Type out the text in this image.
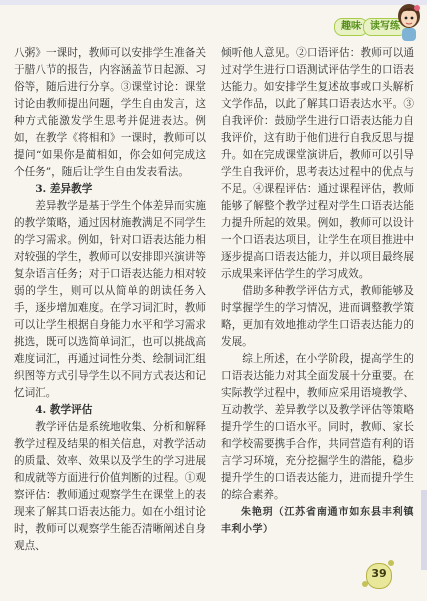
趣味 · 读写练

八粥》一课时，教师可以安排学生准备关于腊八节的报告，内容涵盖节日起源、习俗等，随后进行分享。③课堂讨论：课堂讨论由教师提出问题，学生自由发言，这种方式能激发学生思考并促进表达。例如，在教学《将相和》一课时，教师可以提问“如果你是蔺相如，你会如何完成这个任务”，随后让学生自由发表看法。

3. 差异教学

差异教学是基于学生个体差异而实施的教学策略，通过因材施教满足不同学生的学习需求。例如，针对口语表达能力相对较强的学生，教师可以安排即兴演讲等复杂语言任务；对于口语表达能力相对较弱的学生，则可以从简单的朗读任务入手，逐步增加难度。在学习词汇时，教师可以让学生根据自身能力水平和学习需求挑选，既可以选简单词汇，也可以挑战高难度词汇，再通过词性分类、绘制词汇组织图等方式引导学生以不同方式表达和记忆词汇。

4. 教学评估

教学评估是系统地收集、分析和解释教学过程及结果的相关信息，对教学活动的质量、效率、效果以及学生的学习进展和成就等方面进行价值判断的过程。①观察评估：教师通过观察学生在课堂上的表现来了解其口语表达能力。如在小组讨论时，教师可以观察学生能否清晰阐述自身观点、

倾听他人意见。②口语评估：教师可以通过对学生进行口语测试评估学生的口语表达能力。如安排学生复述故事或口头解析文学作品，以此了解其口语表达水平。③自我评价：鼓励学生进行口语表达能力自我评价，这有助于他们进行自我反思与提升。如在完成课堂演讲后，教师可以引导学生自我评价，思考表达过程中的优点与不足。④课程评估：通过课程评估，教师能够了解整个教学过程对学生口语表达能力提升所起的效果。例如，教师可以设计一个口语表达项目，让学生在项目推进中逐步提高口语表达能力，并以项目最终展示成果来评估学生的学习成效。

借助多种教学评估方式，教师能够及时掌握学生的学习情况，进而调整教学策略，更加有效地推动学生口语表达能力的发展。

综上所述，在小学阶段，提高学生的口语表达能力对其全面发展十分重要。在实际教学过程中，教师应采用语境教学、互动教学、差异教学以及教学评估等策略提升学生的口语水平。同时，教师、家长和学校需要携手合作，共同营造有利的语言学习环境，充分挖掘学生的潜能，稳步提升学生的口语表达能力，进而提升学生的综合素养。

朱艳玥（江苏省南通市如东县丰利镇丰利小学）

39
